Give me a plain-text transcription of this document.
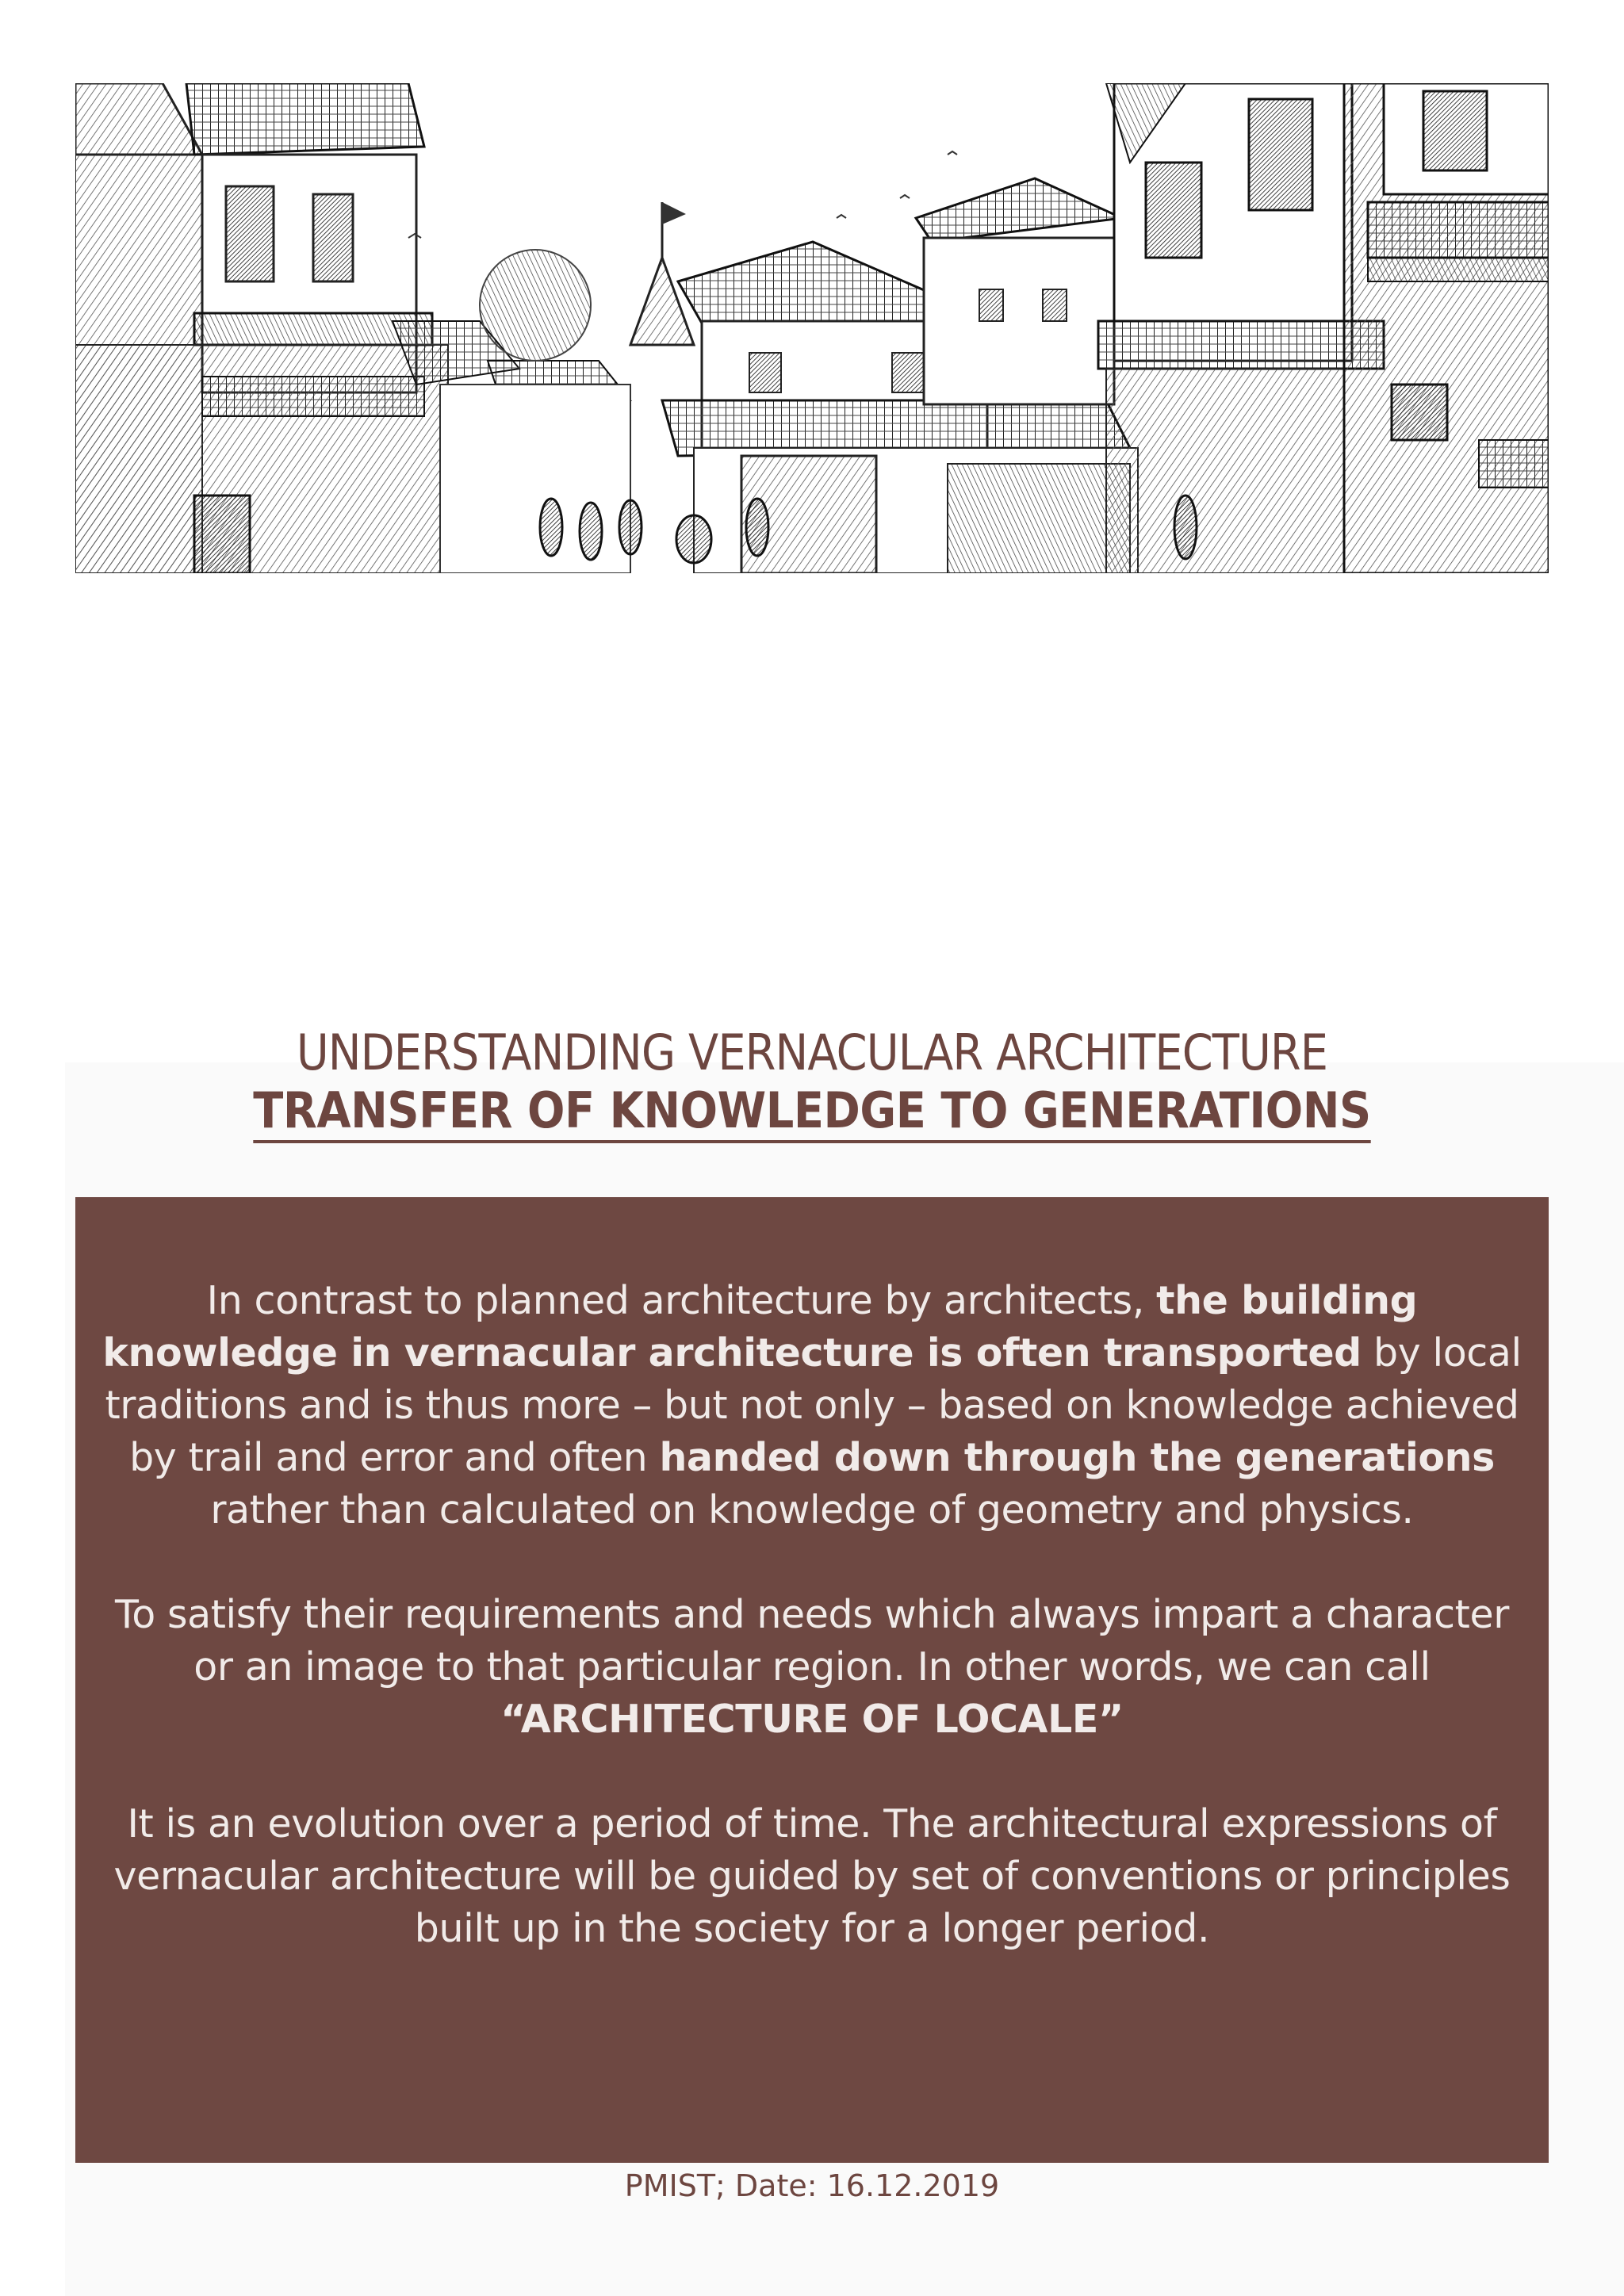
UNDERSTANDING VERNACULAR ARCHITECTURE
TRANSFER OF KNOWLEDGE TO GENERATIONS

In contrast to planned architecture by architects, the building knowledge in vernacular architecture is often transported by local traditions and is thus more – but not only – based on knowledge achieved by trail and error and often handed down through the generations rather than calculated on knowledge of geometry and physics.

To satisfy their requirements and needs which always impart a character or an image to that particular region. In other words, we can call
“ARCHITECTURE OF LOCALE”

It is an evolution over a period of time. The architectural expressions of vernacular architecture will be guided by set of conventions or principles built up in the society for a longer period.

PMIST; Date: 16.12.2019
